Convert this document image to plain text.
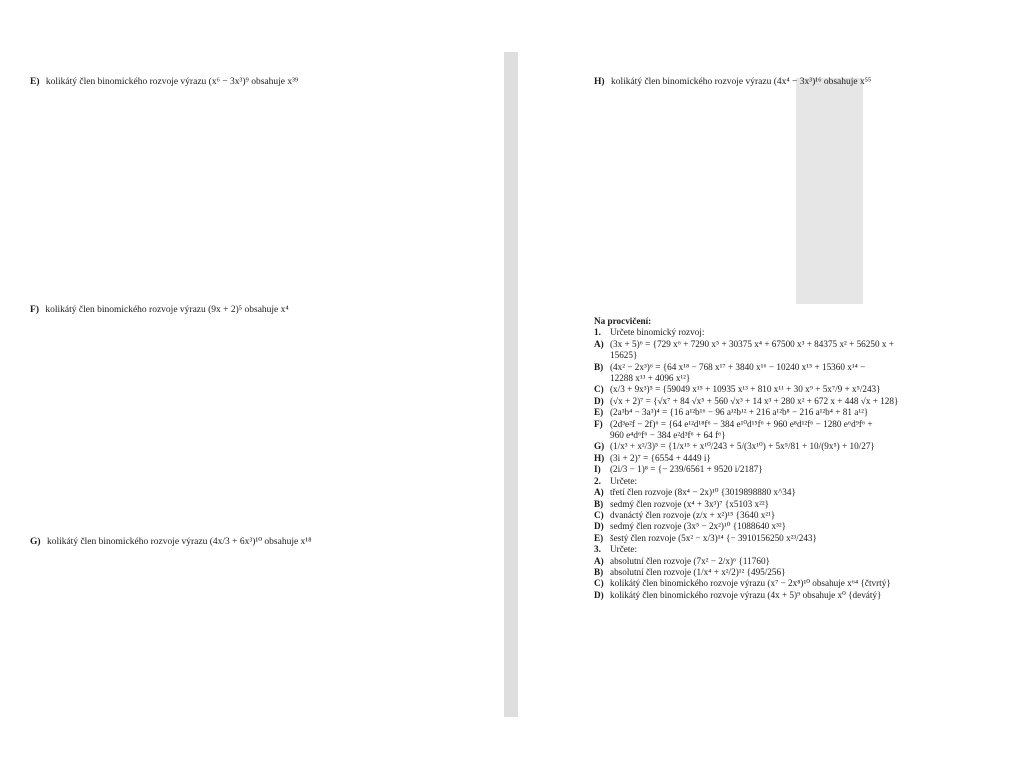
E) kolikátý člen binomického rozvoje výrazu (x⁶ − 3x³)⁹ obsahuje x³⁹
F) kolikátý člen binomického rozvoje výrazu (9x + 2)⁵ obsahuje x⁴
G) kolikátý člen binomického rozvoje výrazu (4x/3 + 6x³)¹⁰ obsahuje x¹⁸
H) kolikátý člen binomického rozvoje výrazu (4x⁴ − 3x³)¹⁶ obsahuje x⁵⁵
Na procvičení:
1. Určete binomický rozvoj:
A) (3x + 5)⁶ = {729 x⁶ + 7290 x⁵ + 30375 x⁴ + 67500 x³ + 84375 x² + 56250 x +
15625}
B) (4x² − 2x³)⁶ = {64 x¹⁸ − 768 x¹⁷ + 3840 x¹⁶ − 10240 x¹⁵ + 15360 x¹⁴ −
12288 x¹³ + 4096 x¹²}
C) (x/3 + 9x³)⁵ = {59049 x¹⁵ + 10935 x¹³ + 810 x¹¹ + 30 x⁹ + 5x⁷/9 + x⁵/243}
D) (√x + 2)⁷ = {√x⁷ + 84 √x⁵ + 560 √x³ + 14 x³ + 280 x² + 672 x + 448 √x + 128}
E) (2a³b⁴ − 3a³)⁴ = {16 a¹²b¹⁶ − 96 a¹²b¹² + 216 a¹²b⁸ − 216 a¹²b⁴ + 81 a¹²}
F) (2d³e²f − 2f)⁶ = {64 e¹²d¹⁸f⁶ − 384 e¹⁰d¹⁵f⁶ + 960 e⁸d¹²f⁶ − 1280 e⁶d⁹f⁶ +
960 e⁴d⁶f⁶ − 384 e²d³f⁶ + 64 f⁶}
G) (1/x³ + x²/3)⁵ = {1/x¹⁵ + x¹⁰/243 + 5/(3x¹⁰) + 5x⁵/81 + 10/(9x⁵) + 10/27}
H) (3i + 2)⁷ = {6554 + 4449 i}
I) (2i/3 − 1)⁸ = {− 239/6561 + 9520 i/2187}
2. Určete:
A) třetí člen rozvoje (8x⁴ − 2x)¹⁰ {3019898880 x^34}
B) sedmý člen rozvoje (x⁴ + 3x³)⁷ {x5103 x²²}
C) dvanáctý člen rozvoje (z/x + x²)¹⁵ {3640 x²¹}
D) sedmý člen rozvoje (3x⁵ − 2x²)¹⁰ {1088640 x³²}
E) šestý člen rozvoje (5x² − x/3)¹⁴ {− 3910156250 x²³/243}
3. Určete:
A) absolutní člen rozvoje (7x² − 2/x)⁶ {11760}
B) absolutní člen rozvoje (1/x⁴ + x²/2)¹² {495/256}
C) kolikátý člen binomického rozvoje výrazu (x⁷ − 2x⁸)¹⁰ obsahuje x⁶⁴ {čtvrtý}
D) kolikátý člen binomického rozvoje výrazu (4x + 5)⁹ obsahuje x⁰ {devátý}
